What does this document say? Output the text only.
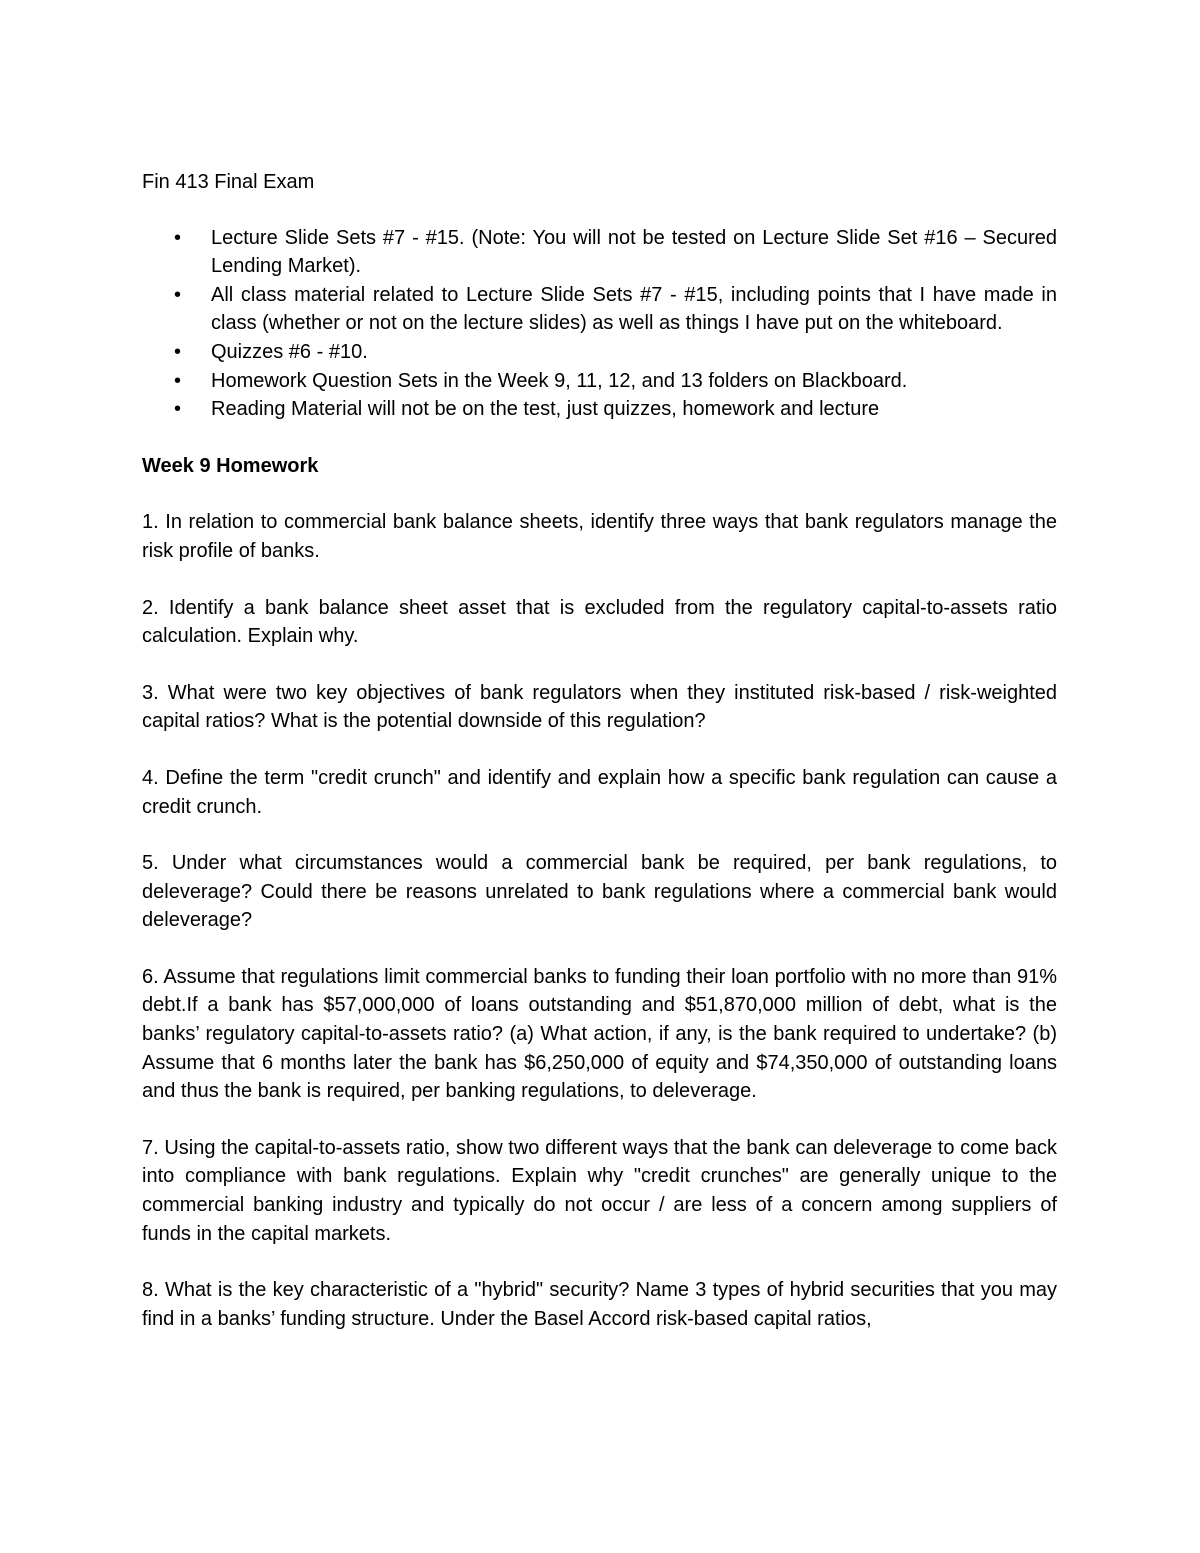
Fin 413 Final Exam
• Lecture Slide Sets #7 - #15. (Note: You will not be tested on Lecture Slide Set #16 – Secured Lending Market).
• All class material related to Lecture Slide Sets #7 - #15, including points that I have made in class (whether or not on the lecture slides) as well as things I have put on the whiteboard.
• Quizzes #6 - #10.
• Homework Question Sets in the Week 9, 11, 12, and 13 folders on Blackboard.
• Reading Material will not be on the test, just quizzes, homework and lecture
Week 9 Homework
1. In relation to commercial bank balance sheets, identify three ways that bank regulators manage the risk profile of banks.
2. Identify a bank balance sheet asset that is excluded from the regulatory capital-to-assets ratio calculation. Explain why.
3. What were two key objectives of bank regulators when they instituted risk-based / risk-weighted capital ratios? What is the potential downside of this regulation?
4. Define the term "credit crunch" and identify and explain how a specific bank regulation can cause a credit crunch.
5. Under what circumstances would a commercial bank be required, per bank regulations, to deleverage? Could there be reasons unrelated to bank regulations where a commercial bank would deleverage?
6. Assume that regulations limit commercial banks to funding their loan portfolio with no more than 91% debt.If a bank has $57,000,000 of loans outstanding and $51,870,000 million of debt, what is the banks’ regulatory capital-to-assets ratio? (a) What action, if any, is the bank required to undertake? (b) Assume that 6 months later the bank has $6,250,000 of equity and $74,350,000 of outstanding loans and thus the bank is required, per banking regulations, to deleverage.
7. Using the capital-to-assets ratio, show two different ways that the bank can deleverage to come back into compliance with bank regulations. Explain why "credit crunches" are generally unique to the commercial banking industry and typically do not occur / are less of a concern among suppliers of funds in the capital markets.
8. What is the key characteristic of a "hybrid" security? Name 3 types of hybrid securities that you may find in a banks’ funding structure. Under the Basel Accord risk-based capital ratios,
